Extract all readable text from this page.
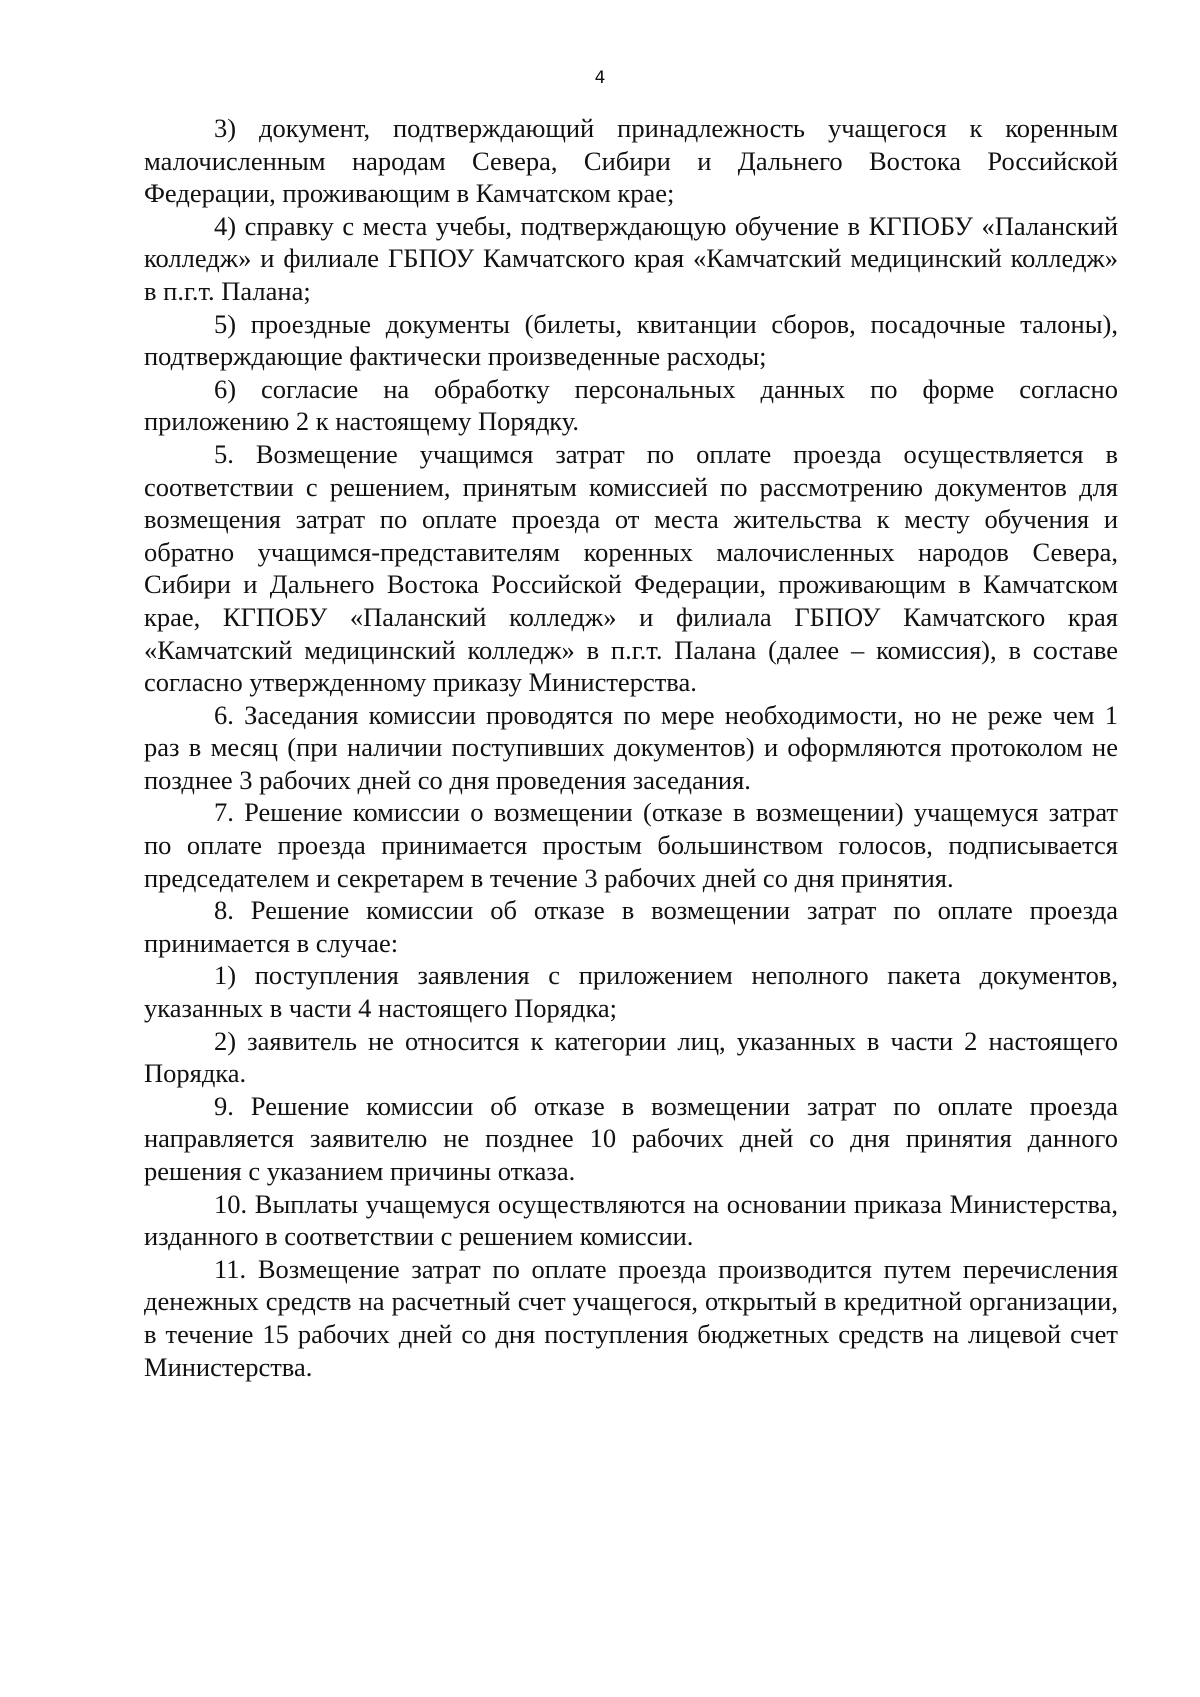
4

3) документ, подтверждающий принадлежность учащегося к коренным малочисленным народам Севера, Сибири и Дальнего Востока Российской Федерации, проживающим в Камчатском крае;

4) справку с места учебы, подтверждающую обучение в КГПОБУ «Паланский колледж» и филиале ГБПОУ Камчатского края «Камчатский медицинский колледж» в п.г.т. Палана;

5) проездные документы (билеты, квитанции сборов, посадочные талоны), подтверждающие фактически произведенные расходы;

6) согласие на обработку персональных данных по форме согласно приложению 2 к настоящему Порядку.

5. Возмещение учащимся затрат по оплате проезда осуществляется в соответствии с решением, принятым комиссией по рассмотрению документов для возмещения затрат по оплате проезда от места жительства к месту обучения и обратно учащимся-представителям коренных малочисленных народов Севера, Сибири и Дальнего Востока Российской Федерации, проживающим в Камчатском крае, КГПОБУ «Паланский колледж» и филиала ГБПОУ Камчатского края «Камчатский медицинский колледж» в п.г.т. Палана (далее – комиссия), в составе согласно утвержденному приказу Министерства.

6. Заседания комиссии проводятся по мере необходимости, но не реже чем 1 раз в месяц (при наличии поступивших документов) и оформляются протоколом не позднее 3 рабочих дней со дня проведения заседания.

7. Решение комиссии о возмещении (отказе в возмещении) учащемуся затрат по оплате проезда принимается простым большинством голосов, подписывается председателем и секретарем в течение 3 рабочих дней со дня принятия.

8. Решение комиссии об отказе в возмещении затрат по оплате проезда принимается в случае:

1) поступления заявления с приложением неполного пакета документов, указанных в части 4 настоящего Порядка;

2) заявитель не относится к категории лиц, указанных в части 2 настоящего Порядка.

9. Решение комиссии об отказе в возмещении затрат по оплате проезда направляется заявителю не позднее 10 рабочих дней со дня принятия данного решения с указанием причины отказа.

10. Выплаты учащемуся осуществляются на основании приказа Министерства, изданного в соответствии с решением комиссии.

11. Возмещение затрат по оплате проезда производится путем перечисления денежных средств на расчетный счет учащегося, открытый в кредитной организации, в течение 15 рабочих дней со дня поступления бюджетных средств на лицевой счет Министерства.
